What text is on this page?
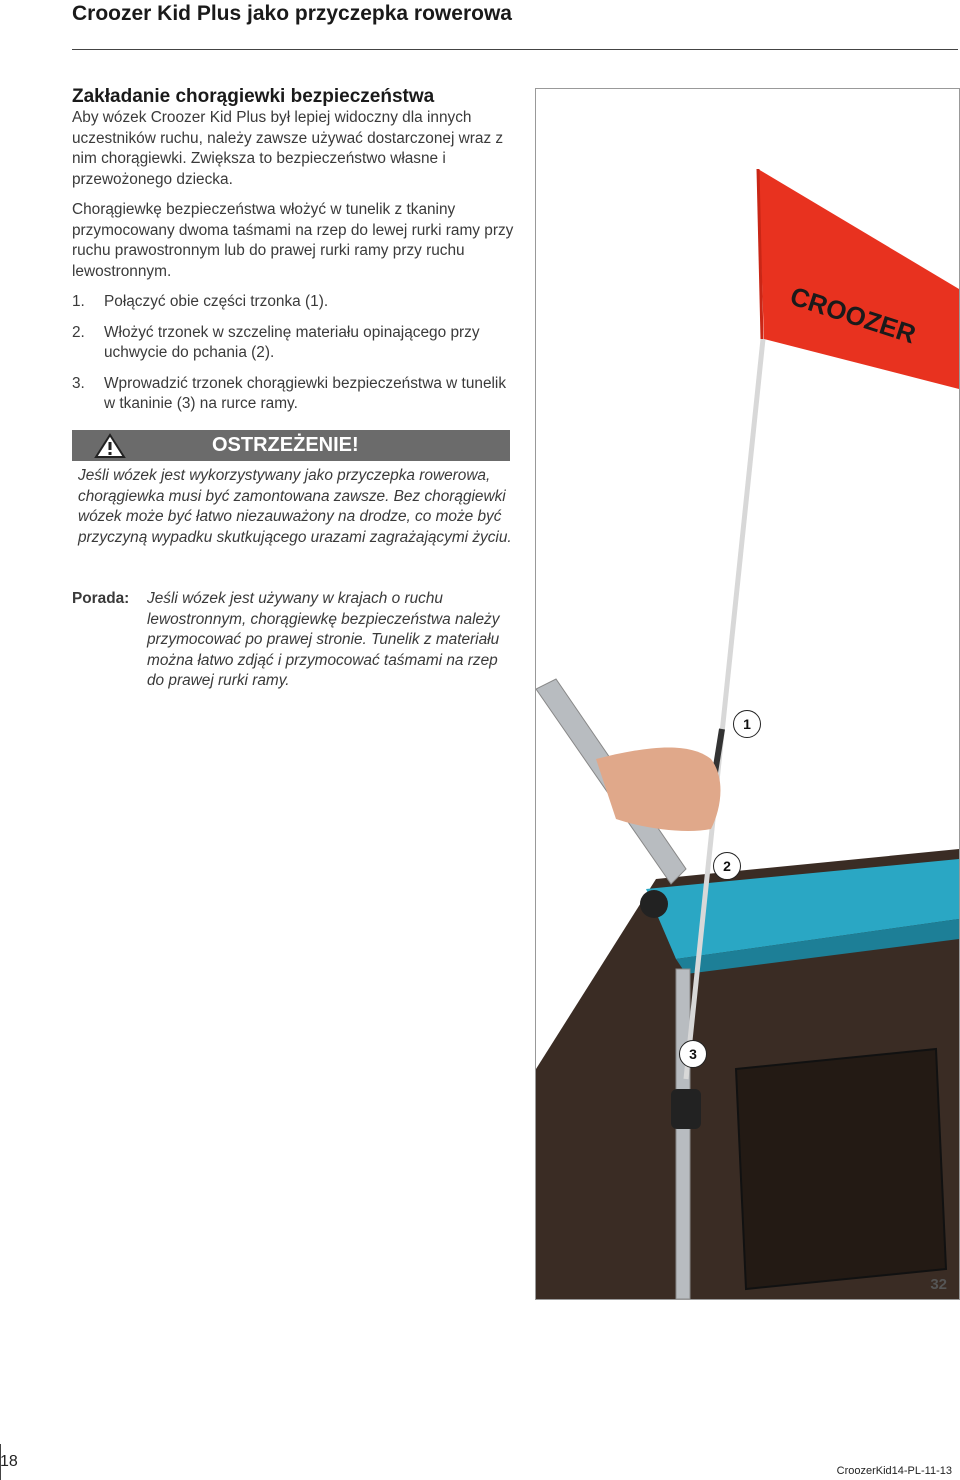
Croozer Kid Plus jako przyczepka rowerowa
Zakładanie chorągiewki bezpieczeństwa
Aby wózek Croozer Kid Plus był lepiej widoczny dla innych uczestników ruchu, należy zawsze używać dostarczonej wraz z nim chorągiewki. Zwiększa to bezpieczeństwo własne i przewożonego dziecka.
Chorągiewkę bezpieczeństwa włożyć w tunelik z tkaniny przymocowany dwoma taśmami na rzep do lewej rurki ramy przy ruchu prawostronnym lub do prawej rurki ramy przy ruchu lewostronnym.
1.	Połączyć obie części trzonka (1).
2.	Włożyć trzonek w szczelinę materiału opinającego przy uchwycie do pchania (2).
3.	Wprowadzić trzonek chorągiewki bezpieczeństwa w tunelik w tkaninie (3) na rurce ramy.
OSTRZEŻENIE!
Jeśli wózek jest wykorzystywany jako przyczepka rowerowa, chorągiewka musi być zamontowana zawsze. Bez chorągiewki wózek może być łatwo niezauważony na drodze, co może być przyczyną wypadku skutkującego urazami zagrażającymi życiu.
Porada: Jeśli wózek jest używany w krajach o ruchu lewostronnym, chorągiewkę bezpieczeństwa należy przymocować po prawej stronie. Tunelik z materiału można łatwo zdjąć i przymocować taśmami na rzep do prawej rurki ramy.
CROOZER
1
2
3
32
18
CroozerKid14-PL-11-13
